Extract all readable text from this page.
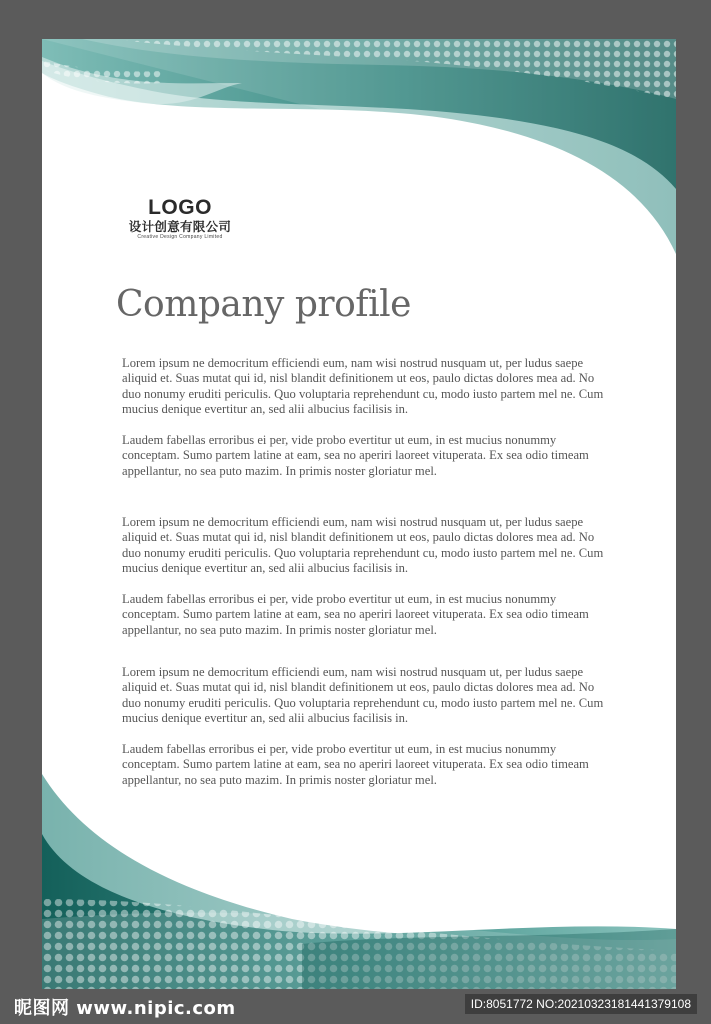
LOGO
设计创意有限公司
Creative Design Company Limited
Company profile

Lorem ipsum ne democritum efficiendi eum, nam wisi nostrud nusquam ut, per ludus saepe aliquid et. Suas mutat qui id, nisl blandit definitionem ut eos, paulo dictas dolores mea ad. No duo nonumy eruditi periculis. Quo voluptaria reprehendunt cu, modo iusto partem mel ne. Cum mucius denique evertitur an, sed alii albucius facilisis in.

Laudem fabellas erroribus ei per, vide probo evertitur ut eum, in est mucius nonummy conceptam. Sumo partem latine at eam, sea no aperiri laoreet vituperata. Ex sea odio timeam appellantur, no sea puto mazim. In primis noster gloriatur mel.

Lorem ipsum ne democritum efficiendi eum, nam wisi nostrud nusquam ut, per ludus saepe aliquid et. Suas mutat qui id, nisl blandit definitionem ut eos, paulo dictas dolores mea ad. No duo nonumy eruditi periculis. Quo voluptaria reprehendunt cu, modo iusto partem mel ne. Cum mucius denique evertitur an, sed alii albucius facilisis in.

Laudem fabellas erroribus ei per, vide probo evertitur ut eum, in est mucius nonummy conceptam. Sumo partem latine at eam, sea no aperiri laoreet vituperata. Ex sea odio timeam appellantur, no sea puto mazim. In primis noster gloriatur mel.

Lorem ipsum ne democritum efficiendi eum, nam wisi nostrud nusquam ut, per ludus saepe aliquid et. Suas mutat qui id, nisl blandit definitionem ut eos, paulo dictas dolores mea ad. No duo nonumy eruditi periculis. Quo voluptaria reprehendunt cu, modo iusto partem mel ne. Cum mucius denique evertitur an, sed alii albucius facilisis in.

Laudem fabellas erroribus ei per, vide probo evertitur ut eum, in est mucius nonummy conceptam. Sumo partem latine at eam, sea no aperiri laoreet vituperata. Ex sea odio timeam appellantur, no sea puto mazim. In primis noster gloriatur mel.

昵图网 www.nipic.com	ID:8051772 NO:20210323181441379108
